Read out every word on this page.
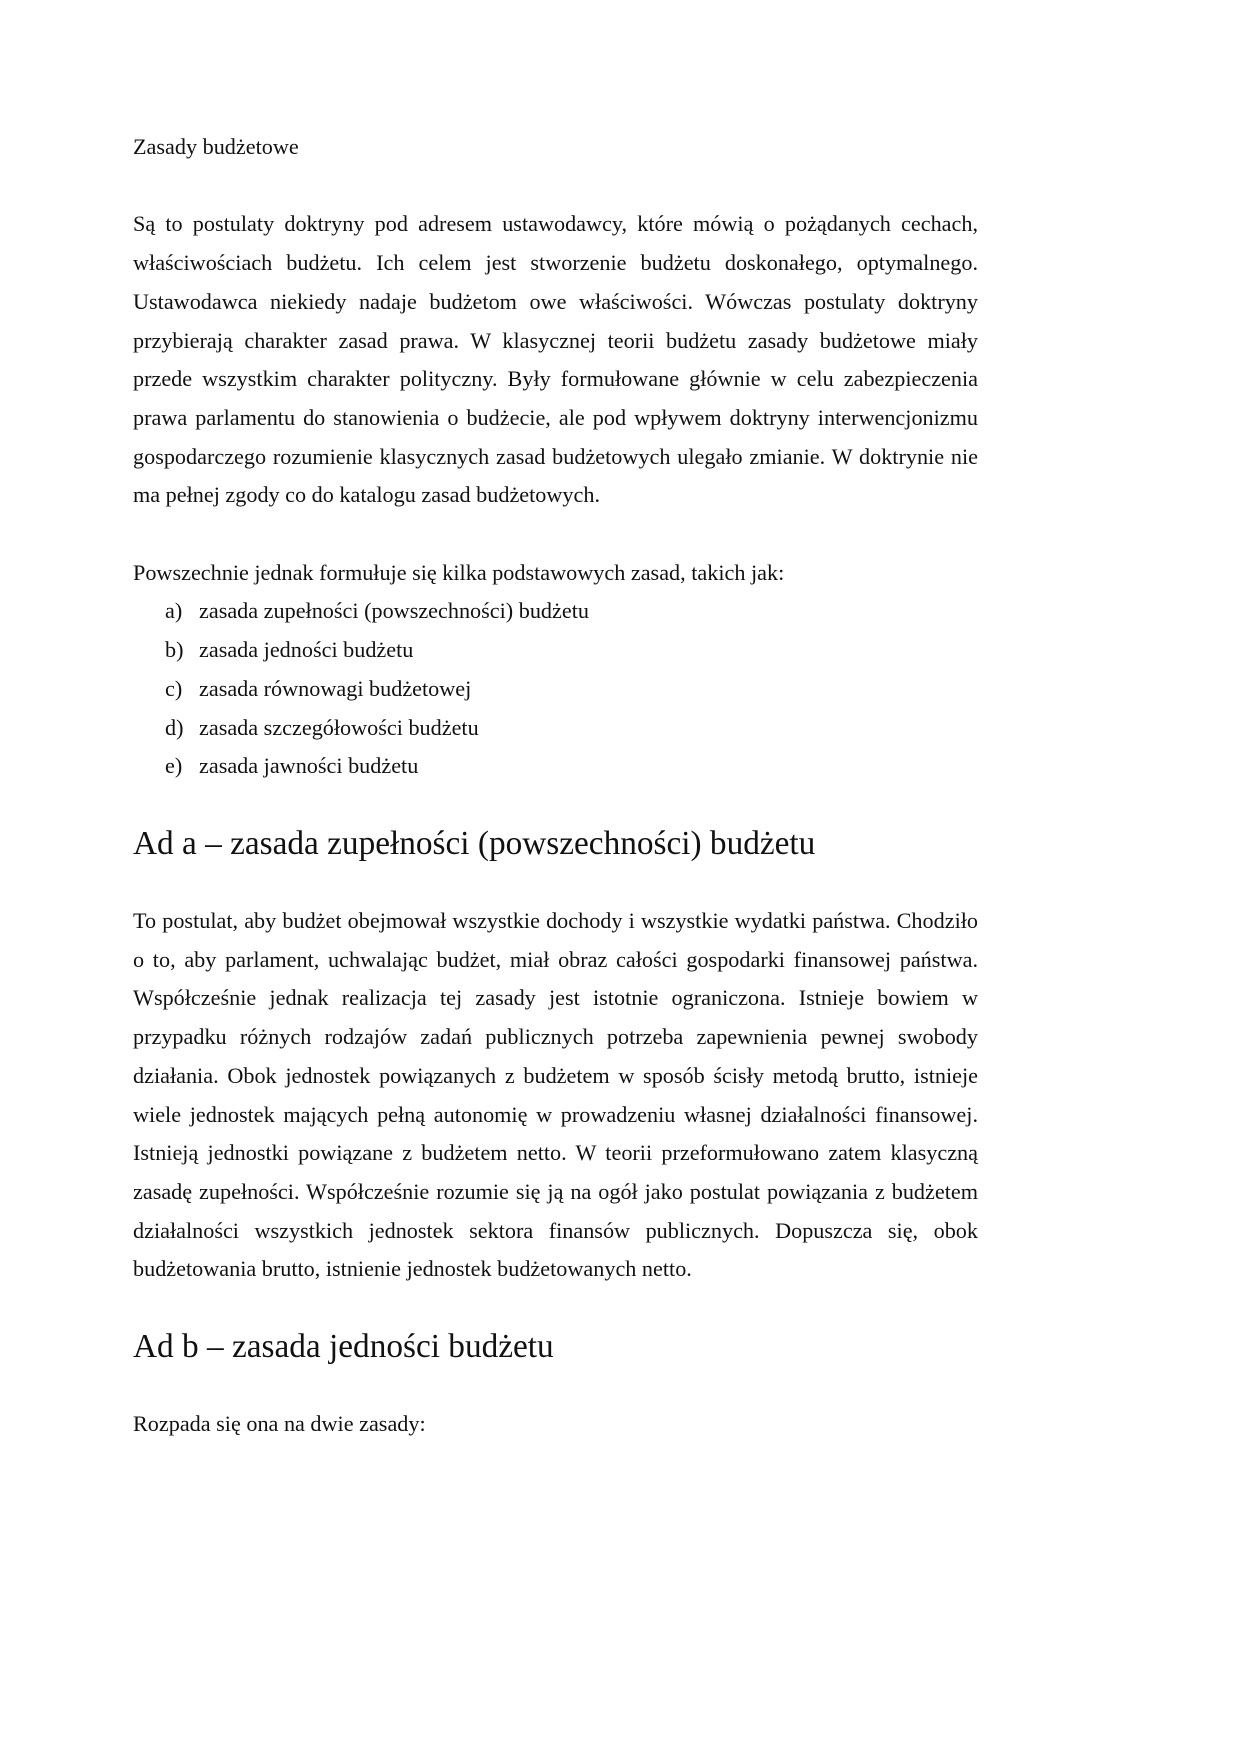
Zasady budżetowe

Są to postulaty doktryny pod adresem ustawodawcy, które mówią o pożądanych cechach, właściwościach budżetu. Ich celem jest stworzenie budżetu doskonałego, optymalnego. Ustawodawca niekiedy nadaje budżetom owe właściwości. Wówczas postulaty doktryny przybierają charakter zasad prawa. W klasycznej teorii budżetu zasady budżetowe miały przede wszystkim charakter polityczny. Były formułowane głównie w celu zabezpieczenia prawa parlamentu do stanowienia o budżecie, ale pod wpływem doktryny interwencjonizmu gospodarczego rozumienie klasycznych zasad budżetowych ulegało zmianie. W doktrynie nie ma pełnej zgody co do katalogu zasad budżetowych.

Powszechnie jednak formułuje się kilka podstawowych zasad, takich jak:

a) zasada zupełności (powszechności) budżetu
b) zasada jedności budżetu
c) zasada równowagi budżetowej
d) zasada szczegółowości budżetu
e) zasada jawności budżetu
Ad a – zasada zupełności (powszechności) budżetu

To postulat, aby budżet obejmował wszystkie dochody i wszystkie wydatki państwa. Chodziło o to, aby parlament, uchwalając budżet, miał obraz całości gospodarki finansowej państwa. Współcześnie jednak realizacja tej zasady jest istotnie ograniczona. Istnieje bowiem w przypadku różnych rodzajów zadań publicznych potrzeba zapewnienia pewnej swobody działania. Obok jednostek powiązanych z budżetem w sposób ścisły metodą brutto, istnieje wiele jednostek mających pełną autonomię w prowadzeniu własnej działalności finansowej. Istnieją jednostki powiązane z budżetem netto. W teorii przeformułowano zatem klasyczną zasadę zupełności. Współcześnie rozumie się ją na ogół jako postulat powiązania z budżetem działalności wszystkich jednostek sektora finansów publicznych. Dopuszcza się, obok budżetowania brutto, istnienie jednostek budżetowanych netto.

Ad b – zasada jedności budżetu

Rozpada się ona na dwie zasady:
